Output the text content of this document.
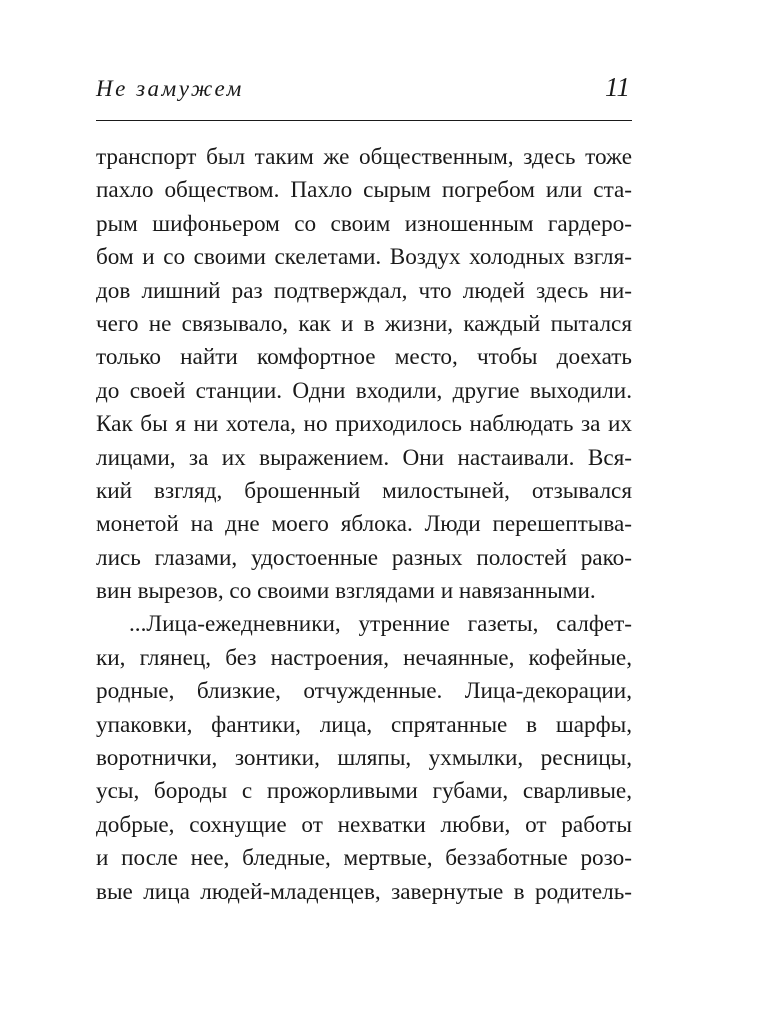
Не замужем	11
транспорт был таким же общественным, здесь тоже
пахло обществом. Пахло сырым погребом или ста-
рым шифоньером со своим изношенным гардеро-
бом и со своими скелетами. Воздух холодных взгля-
дов лишний раз подтверждал, что людей здесь ни-
чего не связывало, как и в жизни, каждый пытался
только найти комфортное место, чтобы доехать
до своей станции. Одни входили, другие выходили.
Как бы я ни хотела, но приходилось наблюдать за их
лицами, за их выражением. Они настаивали. Вся-
кий взгляд, брошенный милостыней, отзывался
монетой на дне моего яблока. Люди перешептыва-
лись глазами, удостоенные разных полостей рако-
вин вырезов, со своими взглядами и навязанными.
...Лица-ежедневники, утренние газеты, салфет-
ки, глянец, без настроения, нечаянные, кофейные,
родные, близкие, отчужденные. Лица-декорации,
упаковки, фантики, лица, спрятанные в шарфы,
воротнички, зонтики, шляпы, ухмылки, ресницы,
усы, бороды с прожорливыми губами, сварливые,
добрые, сохнущие от нехватки любви, от работы
и после нее, бледные, мертвые, беззаботные розо-
вые лица людей-младенцев, завернутые в родитель-
